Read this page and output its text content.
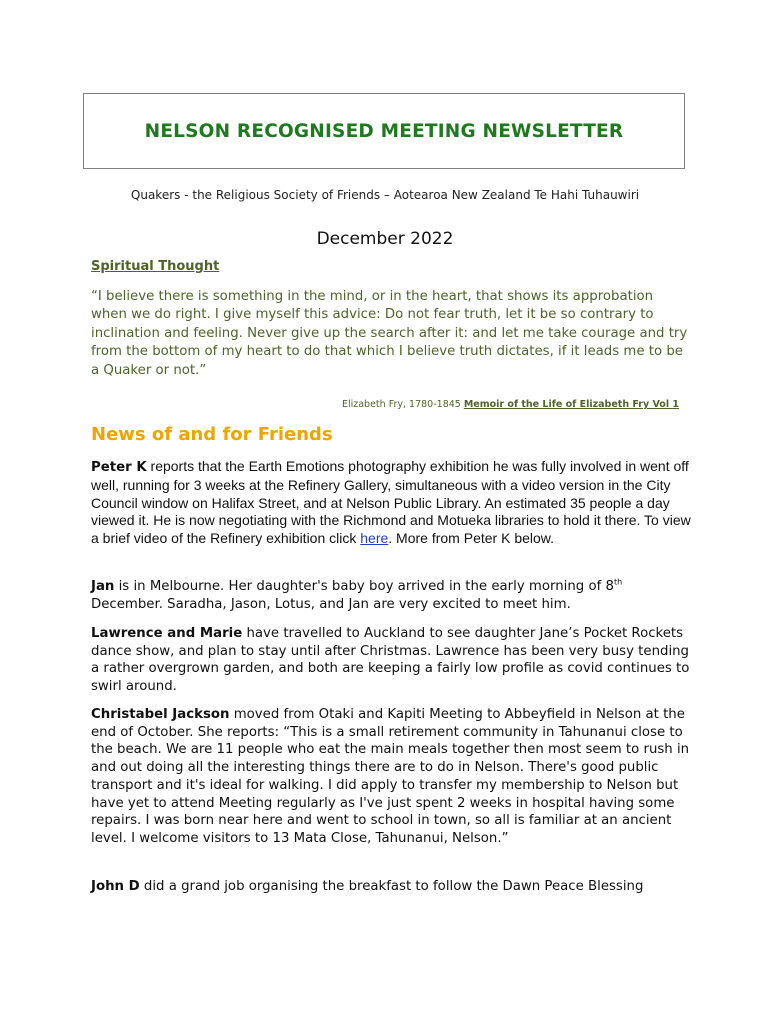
NELSON RECOGNISED MEETING NEWSLETTER
Quakers - the Religious Society of Friends – Aotearoa New Zealand Te Hahi Tuhauwiri
December 2022
Spiritual Thought
“I believe there is something in the mind, or in the heart, that shows its approbation when we do right. I give myself this advice: Do not fear truth, let it be so contrary to inclination and feeling. Never give up the search after it: and let me take courage and try from the bottom of my heart to do that which I believe truth dictates, if it leads me to be a Quaker or not.”
Elizabeth Fry, 1780-1845 Memoir of the Life of Elizabeth Fry Vol 1
News of and for Friends
Peter K reports that the Earth Emotions photography exhibition he was fully involved in went off well, running for 3 weeks at the Refinery Gallery, simultaneous with a video version in the City Council window on Halifax Street, and at Nelson Public Library. An estimated 35 people a day viewed it. He is now negotiating with the Richmond and Motueka libraries to hold it there. To view a brief video of the Refinery exhibition click here. More from Peter K below.
Jan is in Melbourne. Her daughter's baby boy arrived in the early morning of 8th December. Saradha, Jason, Lotus, and Jan are very excited to meet him.
Lawrence and Marie have travelled to Auckland to see daughter Jane’s Pocket Rockets dance show, and plan to stay until after Christmas. Lawrence has been very busy tending a rather overgrown garden, and both are keeping a fairly low profile as covid continues to swirl around.
Christabel Jackson moved from Otaki and Kapiti Meeting to Abbeyfield in Nelson at the end of October. She reports: “This is a small retirement community in Tahunanui close to the beach. We are 11 people who eat the main meals together then most seem to rush in and out doing all the interesting things there are to do in Nelson. There's good public transport and it's ideal for walking. I did apply to transfer my membership to Nelson but have yet to attend Meeting regularly as I've just spent 2 weeks in hospital having some repairs. I was born near here and went to school in town, so all is familiar at an ancient level. I welcome visitors to 13 Mata Close, Tahunanui, Nelson.”
John D did a grand job organising the breakfast to follow the Dawn Peace Blessing
